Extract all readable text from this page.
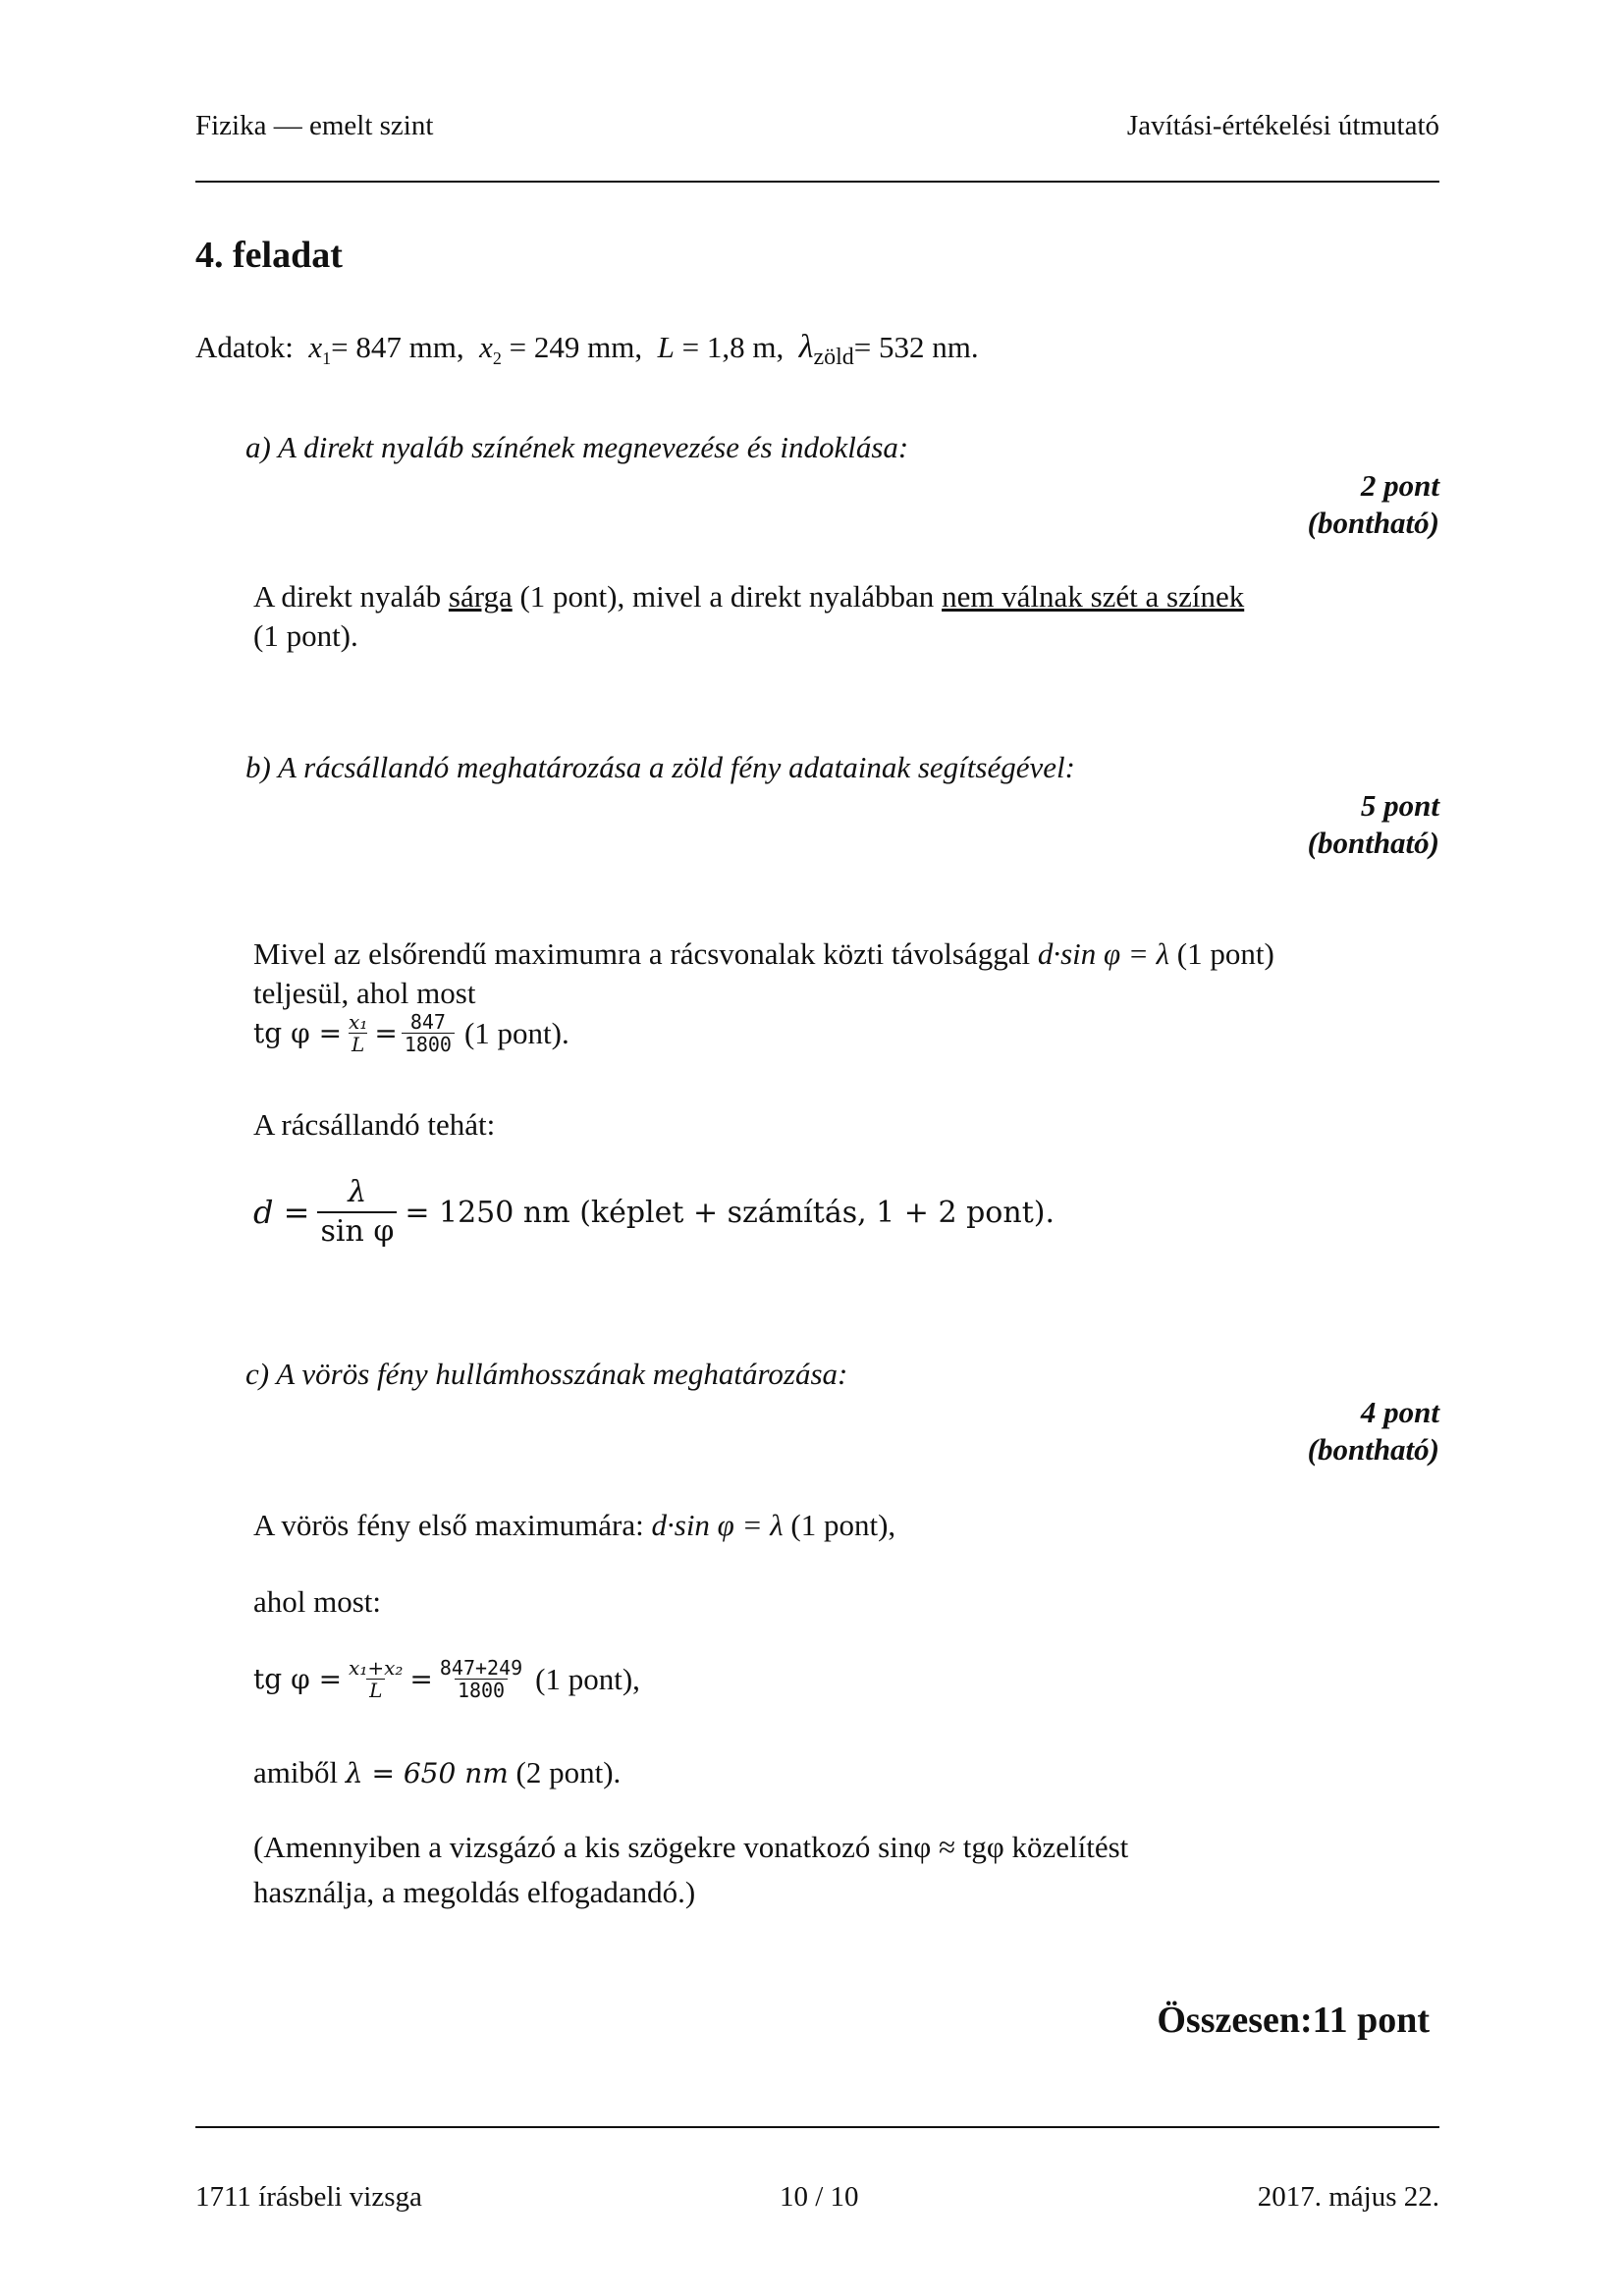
Fizika — emelt szint	Javítási-értékelési útmutató
4. feladat
Adatok: $x_1= 847$ mm, $x_2 = 249$ mm, L = 1,8 m, $\lambda_{zöld}= 532$ nm.
a) A direkt nyaláb színének megnevezése és indoklása:
2 pont
(bontható)
A direkt nyaláb sárga (1 pont), mivel a direkt nyalábban nem válnak szét a színek
(1 pont).
b) A rácsállandó meghatározása a zöld fény adatainak segítségével:
5 pont
(bontható)
Mivel az elsőrendű maximumra a rácsvonalak közti távolsággal d·sin φ = λ (1 pont)
teljesül, ahol most
tg $\varphi = \frac{\text{x₁}}{L} = \frac{847}{1800} (1$ pont).
A rácsállandó tehát:
$d = \frac{\lambda}{\text{sin φ}} = 1250$ nm (képlet + számítás, 1 + 2 pont).
c) A vörös fény hullámhosszának meghatározása:
4 pont
(bontható)
A vörös fény első maximumára: d·sin φ = λ (1 pont),
ahol most:
tg $\varphi = \frac{\text{x₁+x₂}}{L} = \frac{847+249}{1800} (1$ pont),
amiből λ = 650 nm (2 pont).
(Amennyiben a vizsgázó a kis szögekre vonatkozó sinφ ≈ tgφ közelítést
használja, a megoldás elfogadandó.)
Összesen:11 pont
1711 írásbeli vizsga	10 / 10	2017. május 22.
